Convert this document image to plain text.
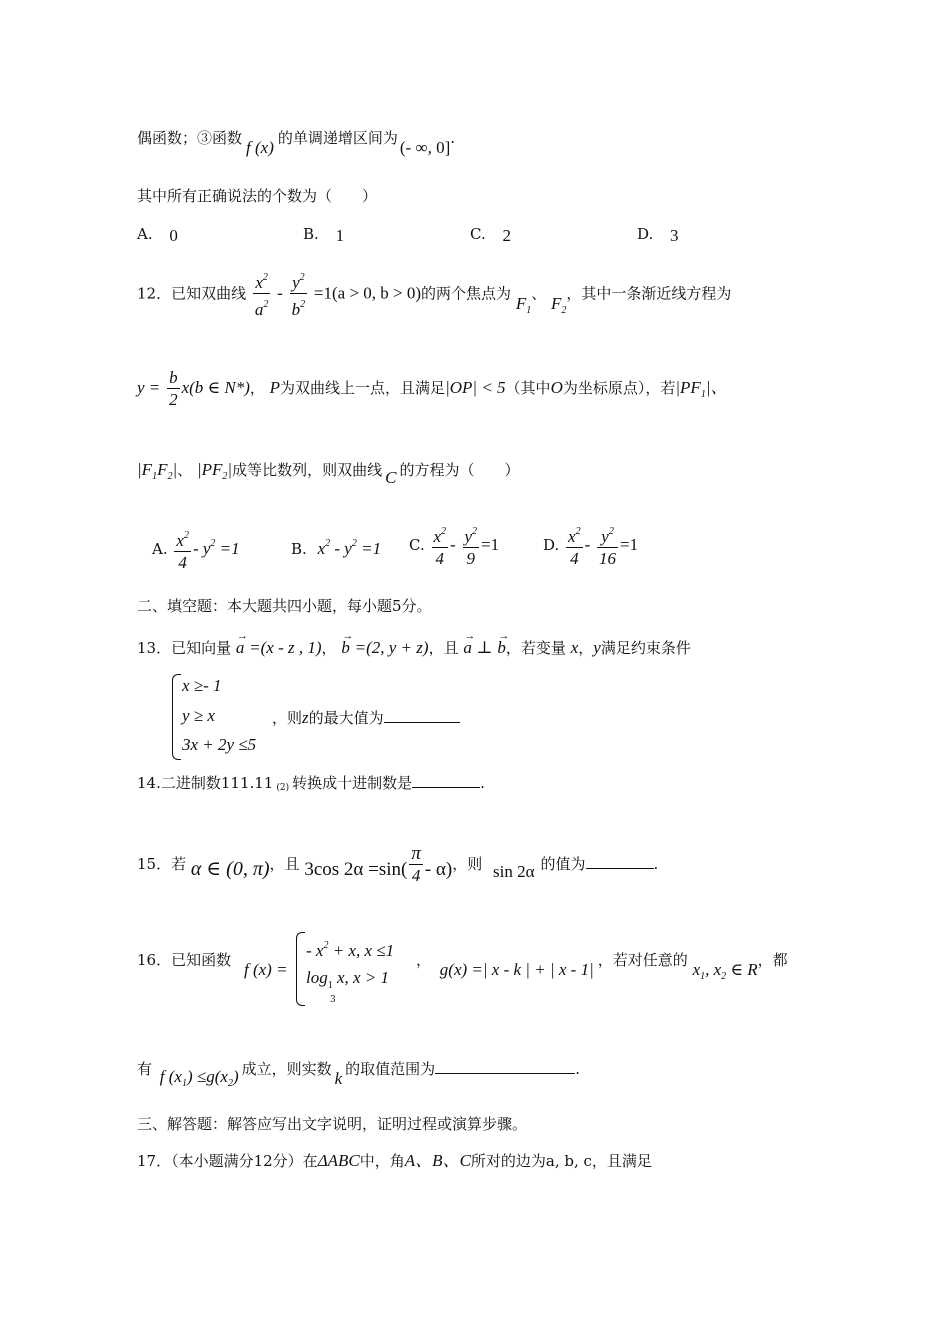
偶函数；③函数 f (x) 的单调递增区间为 (- ∞, 0].
其中所有正确说法的个数为（　　）
A. 0	B. 1	C. 2	D. 3
12．已知双曲线 $\frac{x^2}{a^2} - \frac{y^2}{b^2} =1(a > 0$, b > 0)的两个焦点为 $F_1$、 $F_2$，其中一条渐近线方程为
$y = \frac{b}{2} x(b$ ∈ N*)， P为双曲线上一点，且满足|OP| < 5（其中O为坐标原点），若$|PF_1|$、
$|F_1F_2|$、 $|PF_2|$成等比数列，则双曲线 C 的方程为（　　）
A. $\frac{x^2}{4} - y^2 =1$	B. $x^2 - y^2 =1$ C. $\frac{x^2}{4} - \frac{y^2}{9} =1$	D. $\frac{x^2}{4} - \frac{y^2}{16} =1$
二、填空题：本大题共四小题，每小题5分。
13．已知向量
→
a =(x - z , 1)，
→
b =(2, y + z)，且
→
a ⊥
→
b，若变量 x，y满足约束条件
x ≥- 1
y ≥ x
3x + 2y ≤5
，则z的最大值为
14.二进制数111.11 (2) 转换成十进制数是	.
15．若 α ∈ (0, π)，且 3cos $2\alpha =\sin( \frac{\pi}{4} - \alpha)$，则 sin 2α 的值为	.
16．已知函数 f (x) =
- $x^2 + x$, x ≤1
$\log_1 x$, x > 1
3
， g(x) =| x - k | + | x - 1| ，若对任意的 $x_1$, $x_2$ ∈ R，都
有 f $(x_1) \le g(x_2)$ 成立，则实数 k 的取值范围为	.
三、解答题：解答应写出文字说明，证明过程或演算步骤。
17．（本小题满分12分）在ΔABC中，角A、B、C所对的边为a, b, c，且满足
